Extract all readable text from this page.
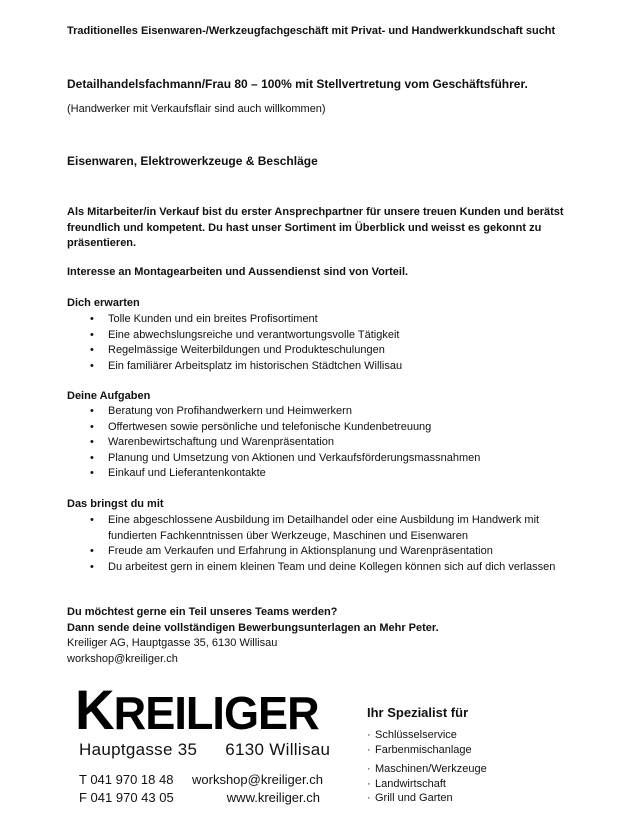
Traditionelles Eisenwaren-/Werkzeugfachgeschäft mit Privat- und Handwerkkundschaft sucht
Detailhandelsfachmann/Frau 80 – 100% mit Stellvertretung vom Geschäftsführer.
(Handwerker mit Verkaufsflair sind auch willkommen)
Eisenwaren, Elektrowerkzeuge & Beschläge
Als Mitarbeiter/in Verkauf bist du erster Ansprechpartner für unsere treuen Kunden und berätst freundlich und kompetent. Du hast unser Sortiment im Überblick und weisst es gekonnt zu präsentieren.
Interesse an Montagearbeiten und Aussendienst sind von Vorteil.
Dich erwarten
• Tolle Kunden und ein breites Profisortiment
• Eine abwechslungsreiche und verantwortungsvolle Tätigkeit
• Regelmässige Weiterbildungen und Produkteschulungen
• Ein familiärer Arbeitsplatz im historischen Städtchen Willisau
Deine Aufgaben
• Beratung von Profihandwerkern und Heimwerkern
• Offertwesen sowie persönliche und telefonische Kundenbetreuung
• Warenbewirtschaftung und Warenpräsentation
• Planung und Umsetzung von Aktionen und Verkaufsförderungsmassnahmen
• Einkauf und Lieferantenkontakte
Das bringst du mit
• Eine abgeschlossene Ausbildung im Detailhandel oder eine Ausbildung im Handwerk mit fundierten Fachkenntnissen über Werkzeuge, Maschinen und Eisenwaren
• Freude am Verkaufen und Erfahrung in Aktionsplanung und Warenpräsentation
• Du arbeitest gern in einem kleinen Team und deine Kollegen können sich auf dich verlassen
Du möchtest gerne ein Teil unseres Teams werden?
Dann sende deine vollständigen Bewerbungsunterlagen an Mehr Peter.
Kreiliger AG, Hauptgasse 35, 6130 Willisau
workshop@kreiliger.ch
KREILIGER
Hauptgasse 35 6130 Willisau
T 041 970 18 48
F 041 970 43 05
workshop@kreiliger.ch
www.kreiliger.ch
Ihr Spezialist für
· Schlüsselservice
· Farbenmischanlage
· Maschinen/Werkzeuge
· Landwirtschaft
· Grill und Garten
